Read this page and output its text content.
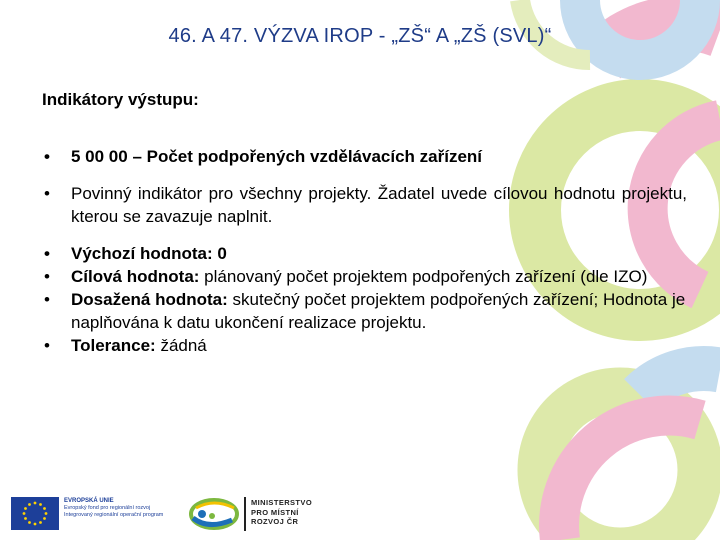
46. A 47. VÝZVA IROP - „ZŠ“ A „ZŠ (SVL)“
Indikátory výstupu:
• 5 00 00 – Počet podpořených vzdělávacích zařízení
• Povinný indikátor pro všechny projekty. Žadatel uvede cílovou hodnotu projektu, kterou se zavazuje naplnit.
• Výchozí hodnota: 0
• Cílová hodnota: plánovaný počet projektem podpořených zařízení (dle IZO)
• Dosažená hodnota: skutečný počet projektem podpořených zařízení; Hodnota je naplňována k datu ukončení realizace projektu.
• Tolerance: žádná
EVROPSKÁ UNIE
Evropský fond pro regionální rozvoj
Integrovaný regionální operační program
MINISTERSTVO
PRO MÍSTNÍ
ROZVOJ ČR
